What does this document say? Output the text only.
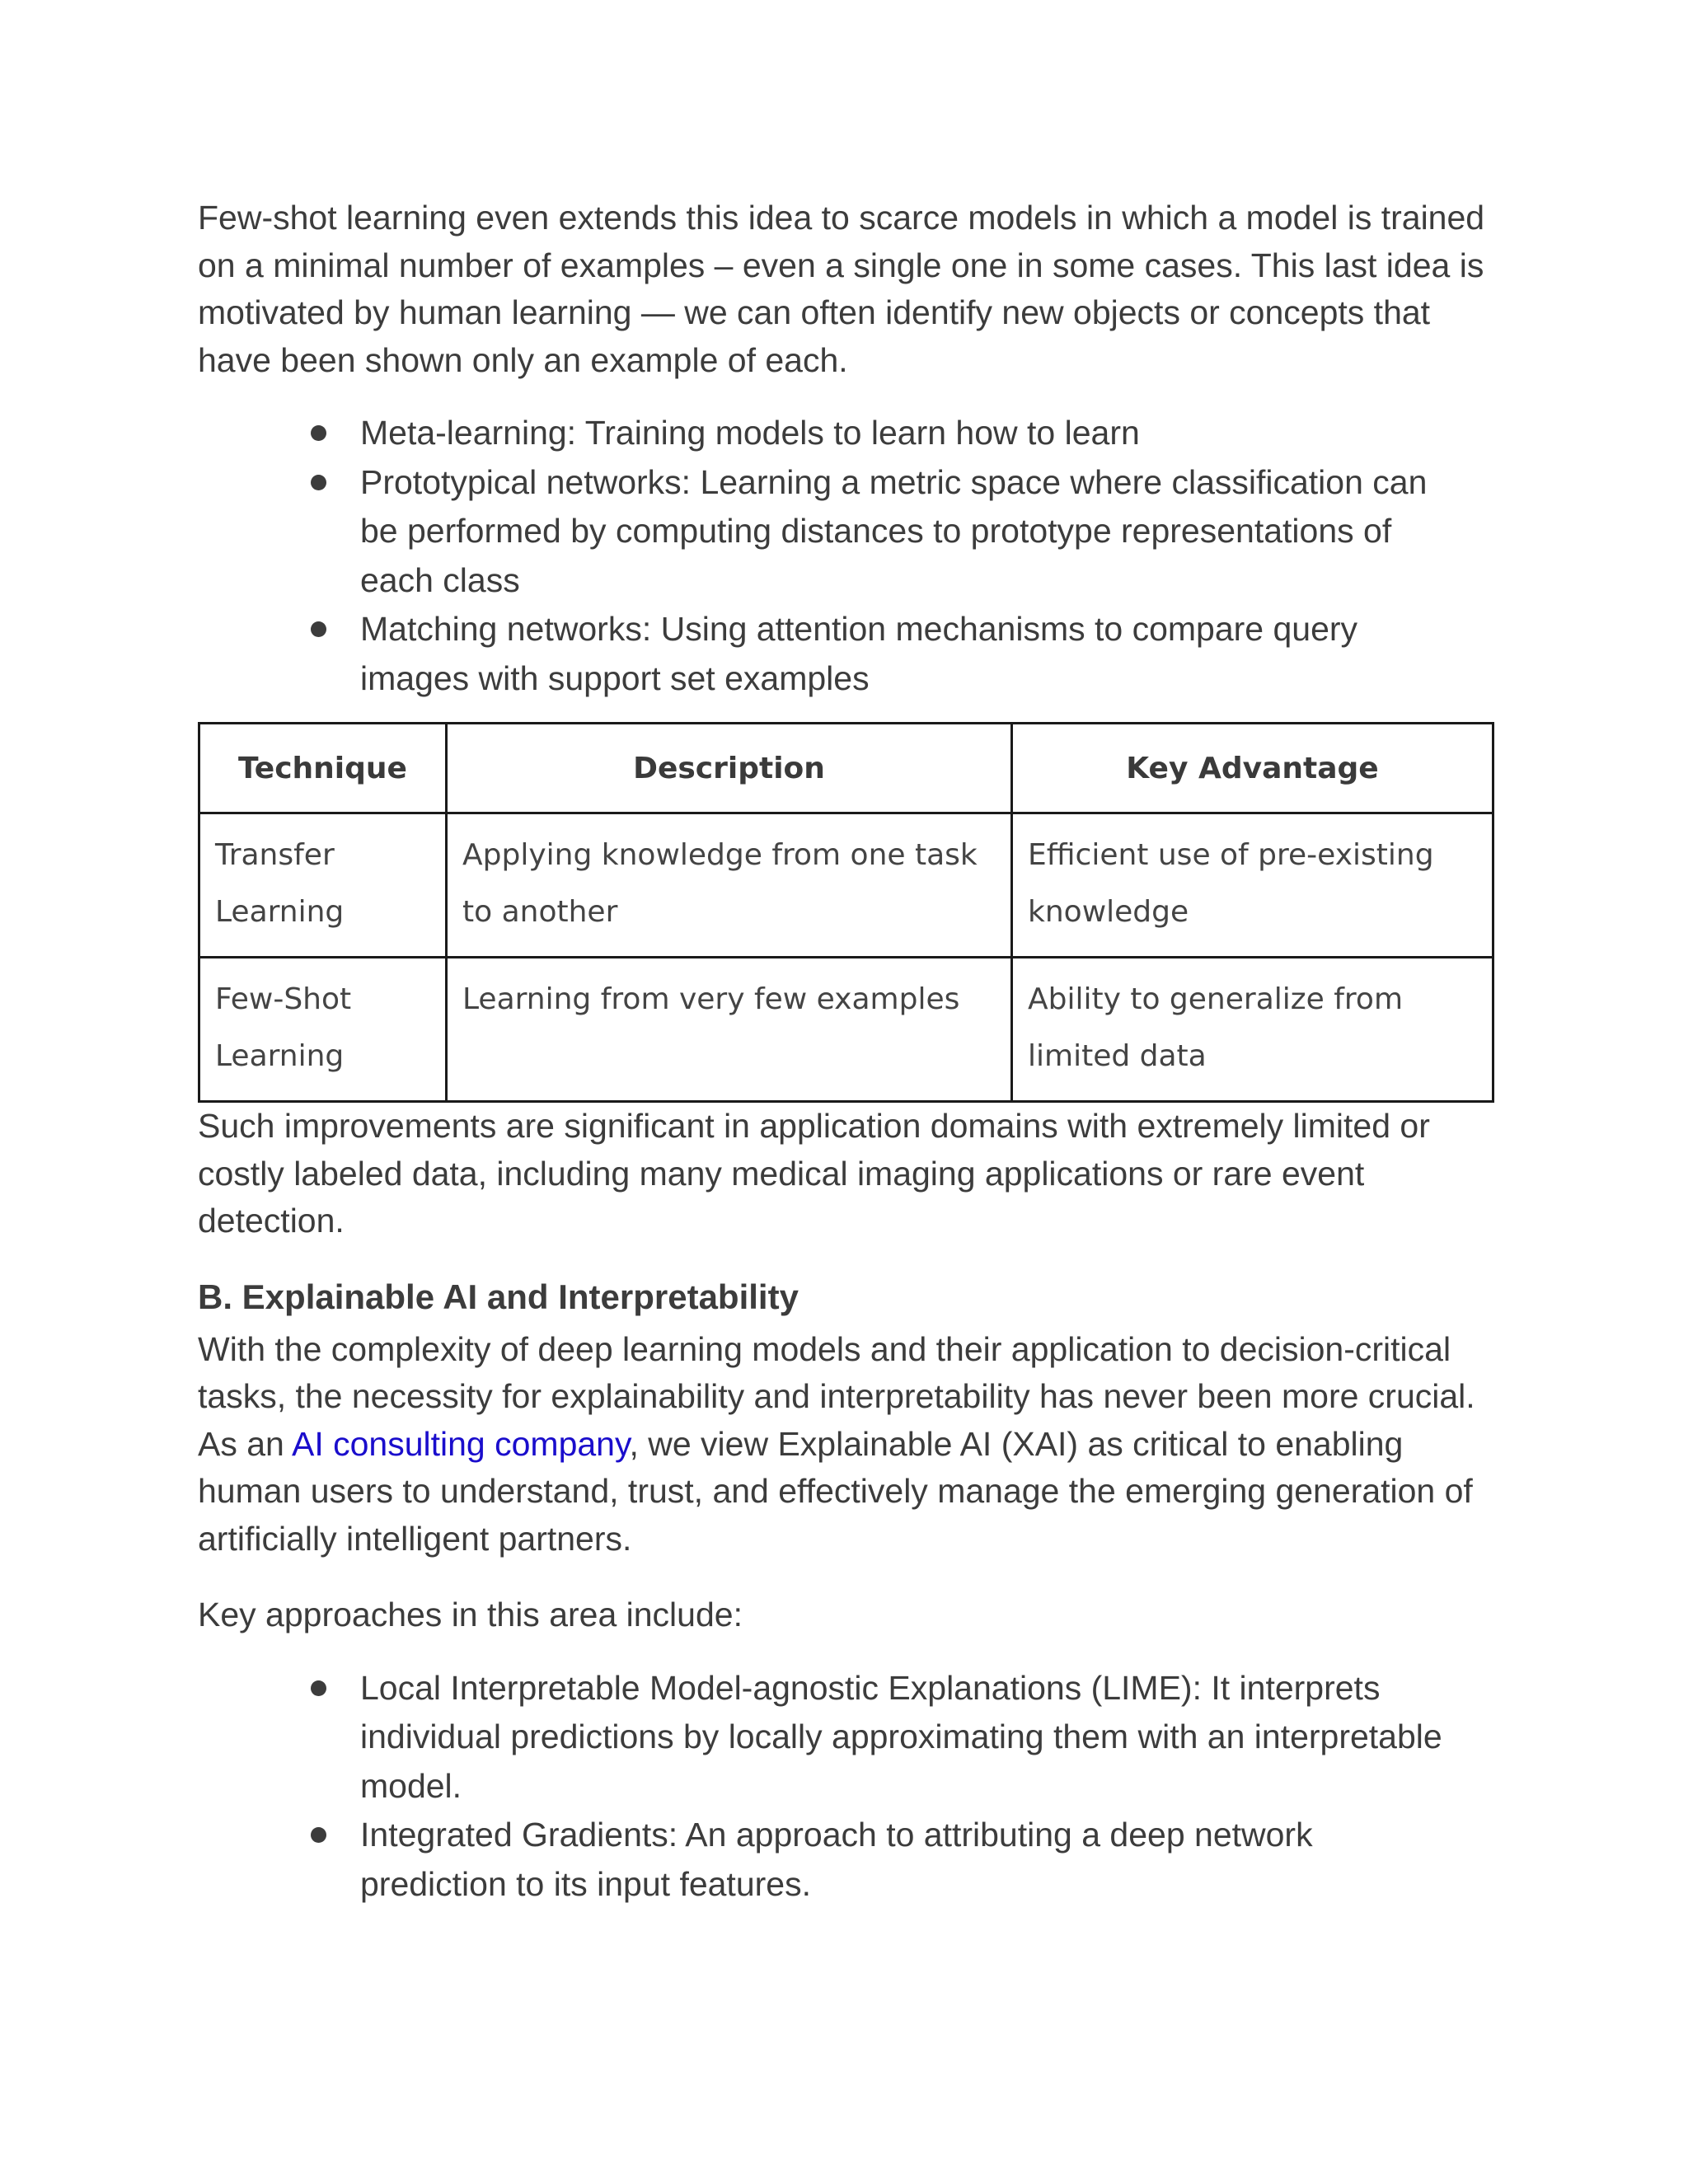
Few-shot learning even extends this idea to scarce models in which a model is trained on a minimal number of examples – even a single one in some cases. This last idea is motivated by human learning — we can often identify new objects or concepts that have been shown only an example of each.

Meta-learning: Training models to learn how to learn
Prototypical networks: Learning a metric space where classification can be performed by computing distances to prototype representations of each class
Matching networks: Using attention mechanisms to compare query images with support set examples
Technique	Description	Key Advantage
Transfer Learning	Applying knowledge from one task to another	Efficient use of pre-existing knowledge
Few-Shot Learning	Learning from very few examples	Ability to generalize from limited data

Such improvements are significant in application domains with extremely limited or costly labeled data, including many medical imaging applications or rare event detection.

B. Explainable AI and Interpretability

With the complexity of deep learning models and their application to decision-critical tasks, the necessity for explainability and interpretability has never been more crucial. As an AI consulting company, we view Explainable AI (XAI) as critical to enabling human users to understand, trust, and effectively manage the emerging generation of artificially intelligent partners.

Key approaches in this area include:

Local Interpretable Model-agnostic Explanations (LIME): It interprets individual predictions by locally approximating them with an interpretable model.
Integrated Gradients: An approach to attributing a deep network prediction to its input features.
